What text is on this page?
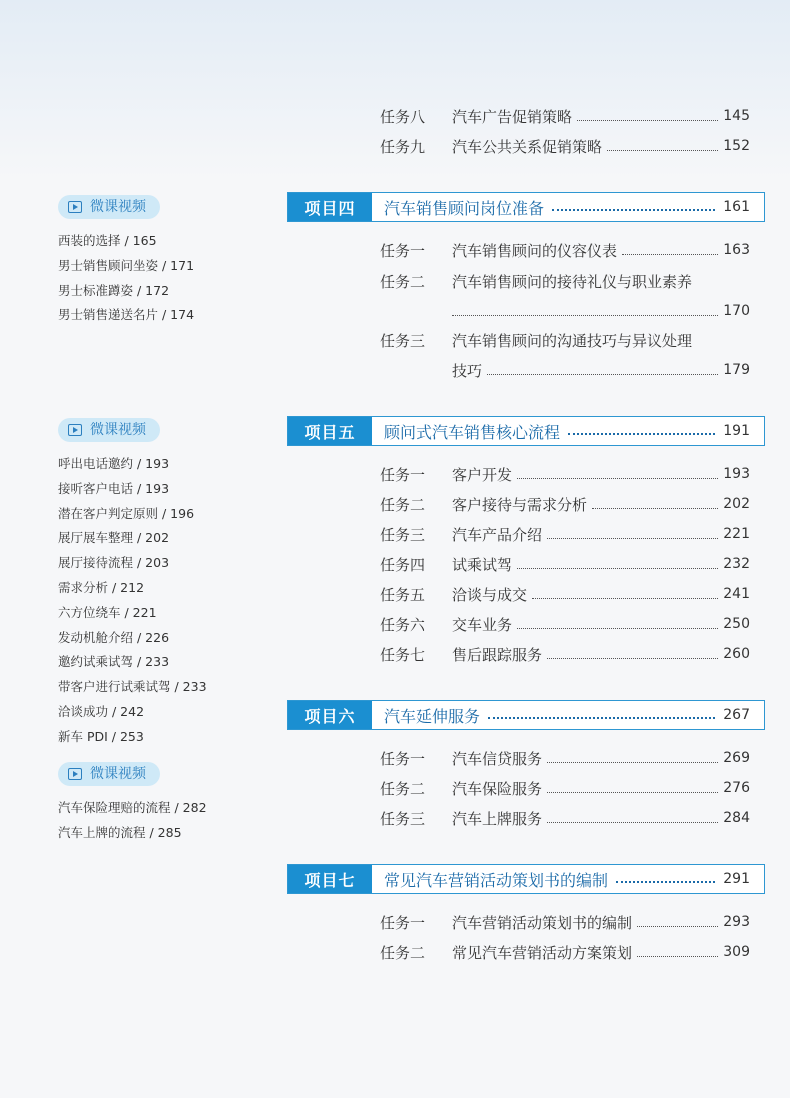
微课视频
西装的选择 / 165
男士销售顾问坐姿 / 171
男士标准蹲姿 / 172
男士销售递送名片 / 174
微课视频
呼出电话邀约 / 193
接听客户电话 / 193
潜在客户判定原则 / 196
展厅展车整理 / 202
展厅接待流程 / 203
需求分析 / 212
六方位绕车 / 221
发动机舱介绍 / 226
邀约试乘试驾 / 233
带客户进行试乘试驾 / 233
洽谈成功 / 242
新车 PDI / 253
微课视频
汽车保险理赔的流程 / 282
汽车上牌的流程 / 285
任务八	汽车广告促销策略	145
任务九	汽车公共关系促销策略	152
项目四	汽车销售顾问岗位准备	161
任务一	汽车销售顾问的仪容仪表	163
任务二	汽车销售顾问的接待礼仪与职业素养
170
任务三	汽车销售顾问的沟通技巧与异议处理
技巧	179
项目五	顾问式汽车销售核心流程	191
任务一	客户开发	193
任务二	客户接待与需求分析	202
任务三	汽车产品介绍	221
任务四	试乘试驾	232
任务五	洽谈与成交	241
任务六	交车业务	250
任务七	售后跟踪服务	260
项目六	汽车延伸服务	267
任务一	汽车信贷服务	269
任务二	汽车保险服务	276
任务三	汽车上牌服务	284
项目七	常见汽车营销活动策划书的编制	291
任务一	汽车营销活动策划书的编制	293
任务二	常见汽车营销活动方案策划	309
